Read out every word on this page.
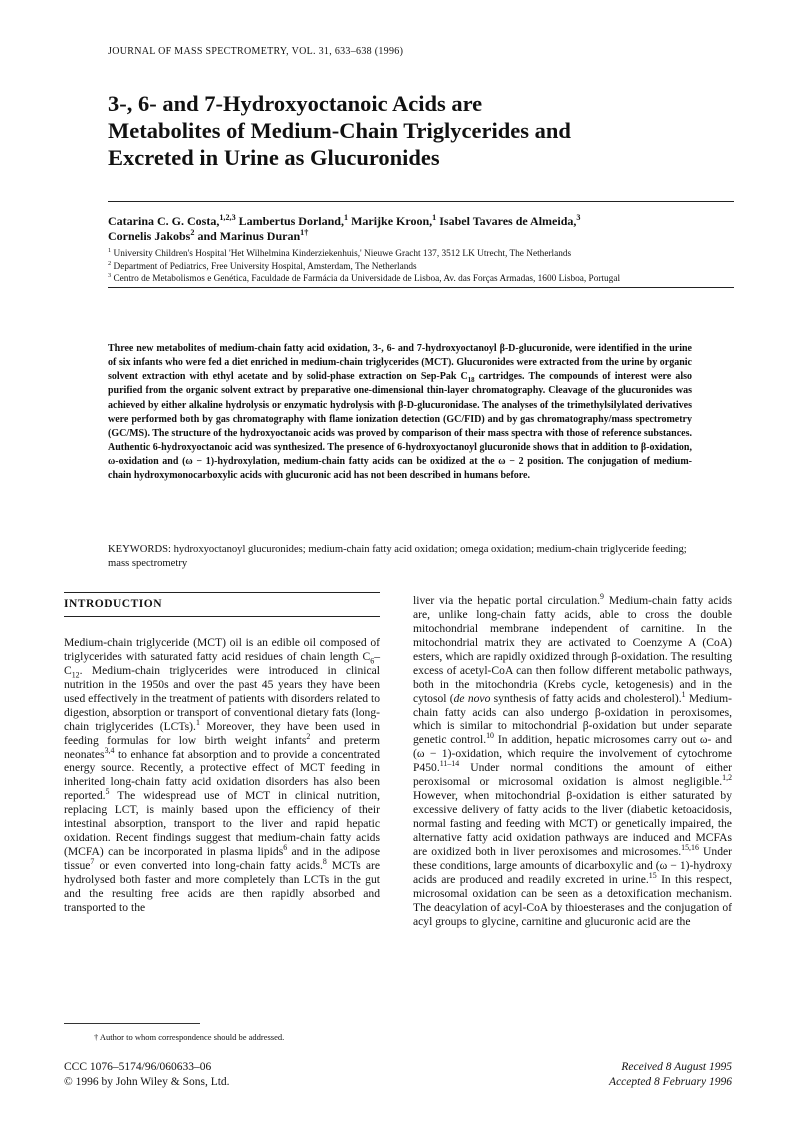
JOURNAL OF MASS SPECTROMETRY, VOL. 31, 633–638 (1996)
3-, 6- and 7-Hydroxyoctanoic Acids are
Metabolites of Medium-Chain Triglycerides and
Excreted in Urine as Glucuronides
Catarina C. G. Costa,$^{1,2,3}$ Lambertus Dorland,$^1$ Marijke Kroon,$^1$ Isabel Tavares de Almeida,$^3$
Cornelis Jakobs$^2$ and Marinus Duran$^{1\dagger}$
$^1$ University Children's Hospital 'Het Wilhelmina Kinderziekenhuis,' Nieuwe Gracht 137, 3512 LK Utrecht, The Netherlands
$^2$ Department of Pediatrics, Free University Hospital, Amsterdam, The Netherlands
$^3$ Centro de Metabolismos e Genética, Faculdade de Farmácia da Universidade de Lisboa, Av. das Forças Armadas, 1600 Lisboa, Portugal
Three new metabolites of medium-chain fatty acid oxidation, 3-, 6- and 7-hydroxyoctanoyl β-D-glucuronide, were identified in the urine of six infants who were fed a diet enriched in medium-chain triglycerides (MCT). Glucuronides were extracted from the urine by organic solvent extraction with ethyl acetate and by solid-phase extraction on Sep-Pak $C_{18}$ cartridges. The compounds of interest were also purified from the organic solvent extract by preparative one-dimensional thin-layer chromatography. Cleavage of the glucuronides was achieved by either alkaline hydrolysis or enzymatic hydrolysis with β-D-glucuronidase. The analyses of the trimethylsilylated derivatives were performed both by gas chromatography with flame ionization detection (GC/FID) and by gas chromatography/mass spectrometry (GC/MS). The structure of the hydroxyoctanoic acids was proved by comparison of their mass spectra with those of reference substances. Authentic 6-hydroxyoctanoic acid was synthesized. The presence of 6-hydroxyoctanoyl glucuronide shows that in addition to β-oxidation, ω-oxidation and (ω − 1)-hydroxylation, medium-chain fatty acids can be oxidized at the ω − 2 position. The conjugation of medium-chain hydroxymonocarboxylic acids with glucuronic acid has not been described in humans before.
KEYWORDS: hydroxyoctanoyl glucuronides; medium-chain fatty acid oxidation; omega oxidation; medium-chain triglyceride feeding; mass spectrometry
INTRODUCTION

Medium-chain triglyceride (MCT) oil is an edible oil composed of triglycerides with saturated fatty acid residues of chain length $C_6-C_{12}$. Medium-chain triglycerides were introduced in clinical nutrition in the 1950s and over the past 45 years they have been used effectively in the treatment of patients with disorders related to digestion, absorption or transport of conventional dietary fats (long-chain triglycerides (LCTs).$^1$ Moreover, they have been used in feeding formulas for low birth weight infants$^2$ and preterm neonates$^{3,4}$ to enhance fat absorption and to provide a concentrated energy source. Recently, a protective effect of MCT feeding in inherited long-chain fatty acid oxidation disorders has also been reported.$^5$ The widespread use of MCT in clinical nutrition, replacing LCT, is mainly based upon the efficiency of their intestinal absorption, transport to the liver and rapid hepatic oxidation. Recent findings suggest that medium-chain fatty acids (MCFA) can be incorporated in plasma lipids$^6$ and in the adipose tissue$^7$ or even converted into long-chain fatty acids.$^8$ MCTs are hydrolysed both faster and more completely than LCTs in the gut and the resulting free acids are then rapidly absorbed and transported to the

liver via the hepatic portal circulation.$^9$ Medium-chain fatty acids are, unlike long-chain fatty acids, able to cross the double mitochondrial membrane independent of carnitine. In the mitochondrial matrix they are activated to Coenzyme A (CoA) esters, which are rapidly oxidized through β-oxidation. The resulting excess of acetyl-CoA can then follow different metabolic pathways, both in the mitochondria (Krebs cycle, ketogenesis) and in the cytosol (de novo synthesis of fatty acids and cholesterol).$^1$ Medium-chain fatty acids can also undergo β-oxidation in peroxisomes, which is similar to mitochondrial β-oxidation but under separate genetic control.$^{10}$ In addition, hepatic microsomes carry out ω- and (ω − 1)-oxidation, which require the involvement of cytochrome P450.$^{11-14}$ Under normal conditions the amount of either peroxisomal or microsomal oxidation is almost negligible.$^{1,2}$ However, when mitochondrial β-oxidation is either saturated by excessive delivery of fatty acids to the liver (diabetic ketoacidosis, normal fasting and feeding with MCT) or genetically impaired, the alternative fatty acid oxidation pathways are induced and MCFAs are oxidized both in liver peroxisomes and microsomes.$^{15,16}$ Under these conditions, large amounts of dicarboxylic and (ω − 1)-hydroxy acids are produced and readily excreted in urine.$^{15}$ In this respect, microsomal oxidation can be seen as a detoxification mechanism. The deacylation of acyl-CoA by thioesterases and the conjugation of acyl groups to glycine, carnitine and glucuronic acid are the

† Author to whom correspondence should be addressed.
CCC 1076–5174/96/060633–06
© 1996 by John Wiley & Sons, Ltd.
Received 8 August 1995
Accepted 8 February 1996
